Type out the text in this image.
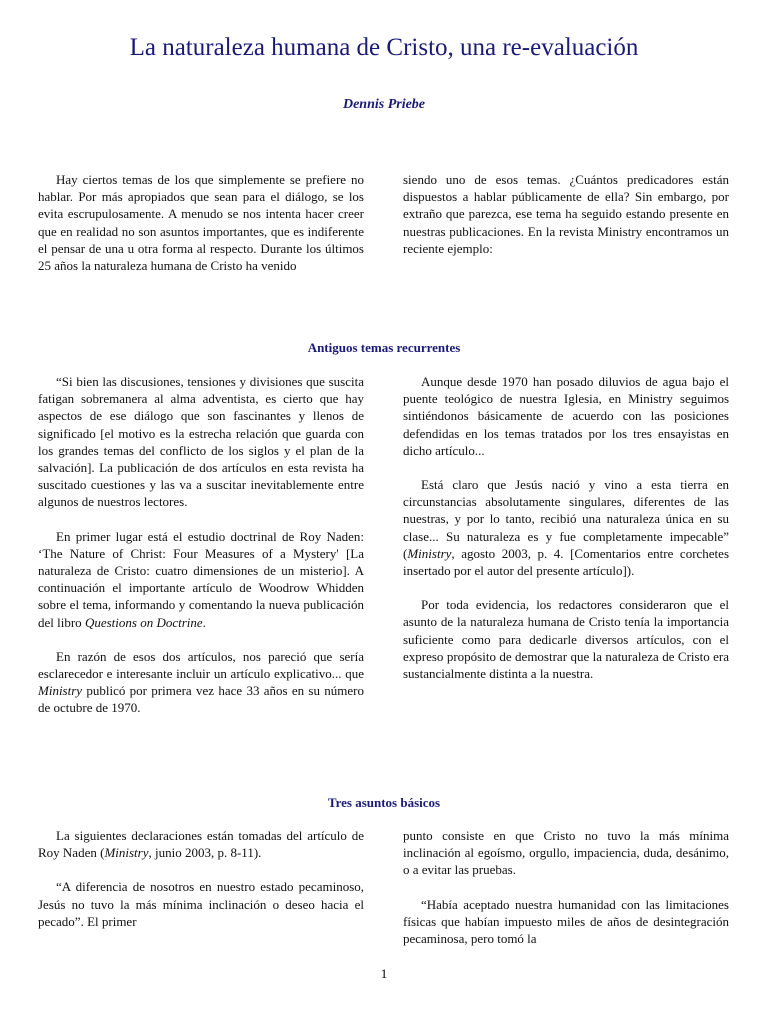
La naturaleza humana de Cristo, una re-evaluación
Dennis Priebe

Hay ciertos temas de los que simplemente se prefiere no hablar. Por más apropiados que sean para el diálogo, se los evita escrupulosamente. A menudo se nos intenta hacer creer que en realidad no son asuntos importantes, que es indiferente el pensar de una u otra forma al respecto. Durante los últimos 25 años la naturaleza humana de Cristo ha venido

siendo uno de esos temas. ¿Cuántos predicadores están dispuestos a hablar públicamente de ella? Sin embargo, por extraño que parezca, ese tema ha seguido estando presente en nuestras publicaciones. En la revista Ministry encontramos un reciente ejemplo:

Antiguos temas recurrentes

“Si bien las discusiones, tensiones y divisiones que suscita fatigan sobremanera al alma adventista, es cierto que hay aspectos de ese diálogo que son fascinantes y llenos de significado [el motivo es la estrecha relación que guarda con los grandes temas del conflicto de los siglos y el plan de la salvación]. La publicación de dos artículos en esta revista ha suscitado cuestiones y las va a suscitar inevitablemente entre algunos de nuestros lectores.

En primer lugar está el estudio doctrinal de Roy Naden: ‘The Nature of Christ: Four Measures of a Mystery' [La naturaleza de Cristo: cuatro dimensiones de un misterio]. A continuación el importante artículo de Woodrow Whidden sobre el tema, informando y comentando la nueva publicación del libro Questions on Doctrine.

En razón de esos dos artículos, nos pareció que sería esclarecedor e interesante incluir un artículo explicativo... que Ministry publicó por primera vez hace 33 años en su número de octubre de 1970.

Aunque desde 1970 han posado diluvios de agua bajo el puente teológico de nuestra Iglesia, en Ministry seguimos sintiéndonos básicamente de acuerdo con las posiciones defendidas en los temas tratados por los tres ensayistas en dicho artículo...

Está claro que Jesús nació y vino a esta tierra en circunstancias absolutamente singulares, diferentes de las nuestras, y por lo tanto, recibió una naturaleza única en su clase... Su naturaleza es y fue completamente impecable” (Ministry, agosto 2003, p. 4. [Comentarios entre corchetes insertado por el autor del presente artículo]).

Por toda evidencia, los redactores consideraron que el asunto de la naturaleza humana de Cristo tenía la importancia suficiente como para dedicarle diversos artículos, con el expreso propósito de demostrar que la naturaleza de Cristo era sustancialmente distinta a la nuestra.

Tres asuntos básicos

La siguientes declaraciones están tomadas del artículo de Roy Naden (Ministry, junio 2003, p. 8-11).

“A diferencia de nosotros en nuestro estado pecaminoso, Jesús no tuvo la más mínima inclinación o deseo hacia el pecado”. El primer

punto consiste en que Cristo no tuvo la más mínima inclinación al egoísmo, orgullo, impaciencia, duda, desánimo, o a evitar las pruebas.

“Había aceptado nuestra humanidad con las limitaciones físicas que habían impuesto miles de años de desintegración pecaminosa, pero tomó la

1
